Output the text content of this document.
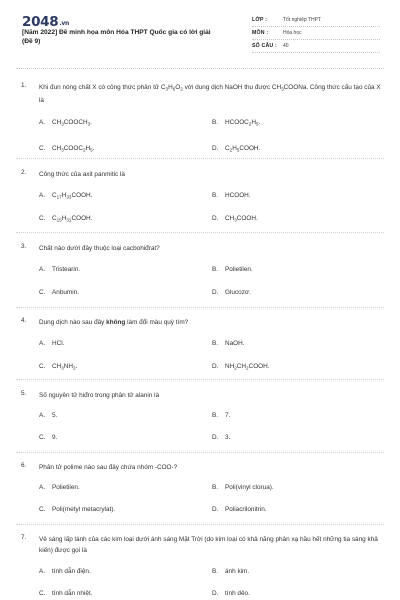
2048.vn
[Năm 2022] Đề minh họa môn Hóa THPT Quốc gia có lời giải (Đề 9)
LỚP :	Tốt nghiệp THPT
MÔN :	Hóa học
SỐ CÂU : 40
1. Khi đun nóng chất X có công thức phân tử $C_3H_6O_2$ với dung dịch NaOH thu được $CH_3COONa$. Công thức cấu tạo của X là
A. $CH_3COOCH_3$.	B. $HCOOC_2H_5$.
C. $CH_3COOC_2H_5$.	D. $C_2H_5COOH$.
2. Công thức của axit panmitic là
A. $C_{17}H_{33}COOH$.	B. HCOOH.
C. $C_{15}H_{31}COOH$.	D. $CH_3COOH$.
3. Chất nào dưới đây thuộc loại cacbohiđrat?
A. Tristearin.	B. Polietilen.
C. Anbumin.	D. Glucozơ.
4. Dung dịch nào sau đây không làm đổi màu quỳ tím?
A. HCl.	B. NaOH.
C. $CH_3NH_2$.	D. $NH_2CH_2COOH$.
5. Số nguyên tử hiđro trong phân tử alanin là
A. 5.	B. 7.
C. 9.	D. 3.
6. Phân tử polime nào sau đây chứa nhóm -COO-?
A. Polietilen.	B. Poli(vinyl clorua).
C. Poli(metyl metacrylat).	D. Poliacrilonitrin.
7. Vẻ sáng lấp lánh của các kim loại dưới ánh sáng Mặt Trời (do kim loại có khả năng phản xạ hầu hết những tia sáng khả kiến) được gọi là
A. tính dẫn điện.	B. ánh kim.
C. tính dẫn nhiệt.	D. tính dẻo.
